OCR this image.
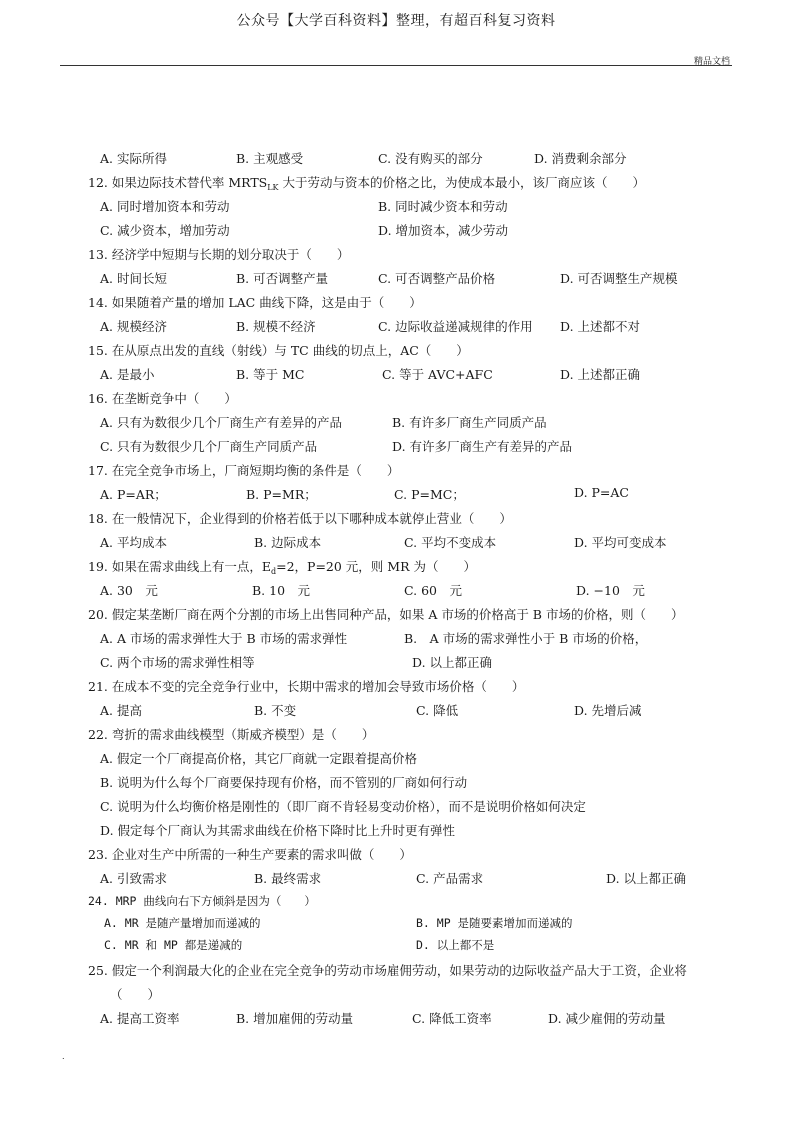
公众号【大学百科资料】整理，有超百科复习资料
精品文档
A. 实际所得	B. 主观感受	C. 没有购买的部分	D. 消费剩余部分
12. 如果边际技术替代率 $MRTS_{LK}$ 大于劳动与资本的价格之比，为使成本最小，该厂商应该（　　）
A. 同时增加资本和劳动	B. 同时减少资本和劳动
C. 减少资本，增加劳动	D. 增加资本，减少劳动
13. 经济学中短期与长期的划分取决于（　　）
A. 时间长短	B. 可否调整产量	C. 可否调整产品价格	D. 可否调整生产规模
14. 如果随着产量的增加 LAC 曲线下降，这是由于（　　）
A. 规模经济	B. 规模不经济	C. 边际收益递减规律的作用 D. 上述都不对
15. 在从原点出发的直线（射线）与 TC 曲线的切点上，AC（　　）
A. 是最小	B. 等于 MC	C. 等于 AVC+AFC	D. 上述都正确
16. 在垄断竞争中（　　）
A. 只有为数很少几个厂商生产有差异的产品	B. 有许多厂商生产同质产品
C. 只有为数很少几个厂商生产同质产品	D. 有许多厂商生产有差异的产品
17. 在完全竞争市场上，厂商短期均衡的条件是（　　）
A. P=AR；	B. P=MR；	C. P=MC；	D. P=AC
18. 在一般情况下，企业得到的价格若低于以下哪种成本就停止营业（　　）
A. 平均成本	B. 边际成本	C. 平均不变成本	D. 平均可变成本
19. 如果在需求曲线上有一点，$E_d=2$，P=20 元，则 MR 为（　　）
A. 30　元	B. 10　元	C. 60　元	D. −10　元
20. 假定某垄断厂商在两个分割的市场上出售同种产品，如果 A 市场的价格高于 B 市场的价格，则（　　）
A. A 市场的需求弹性大于 B 市场的需求弹性	B.　A 市场的需求弹性小于 B 市场的价格，
C. 两个市场的需求弹性相等	D. 以上都正确
21. 在成本不变的完全竞争行业中，长期中需求的增加会导致市场价格（　　）
A. 提高	B. 不变	C. 降低	D. 先增后减
22. 弯折的需求曲线模型（斯威齐模型）是（　　）
A. 假定一个厂商提高价格，其它厂商就一定跟着提高价格
B. 说明为什么每个厂商要保持现有价格，而不管别的厂商如何行动
C. 说明为什么均衡价格是刚性的（即厂商不肯轻易变动价格），而不是说明价格如何决定
D. 假定每个厂商认为其需求曲线在价格下降时比上升时更有弹性
23. 企业对生产中所需的一种生产要素的需求叫做（　　）
A. 引致需求	B. 最终需求	C. 产品需求	D. 以上都正确
24. MRP 曲线向右下方倾斜是因为（　　）
A. MR 是随产量增加而递减的	B. MP 是随要素增加而递减的
C. MR 和 MP 都是递减的	D. 以上都不是
25. 假定一个利润最大化的企业在完全竞争的劳动市场雇佣劳动，如果劳动的边际收益产品大于工资，企业将
（　　）
A. 提高工资率	B. 增加雇佣的劳动量	C. 降低工资率	D. 减少雇佣的劳动量
.
